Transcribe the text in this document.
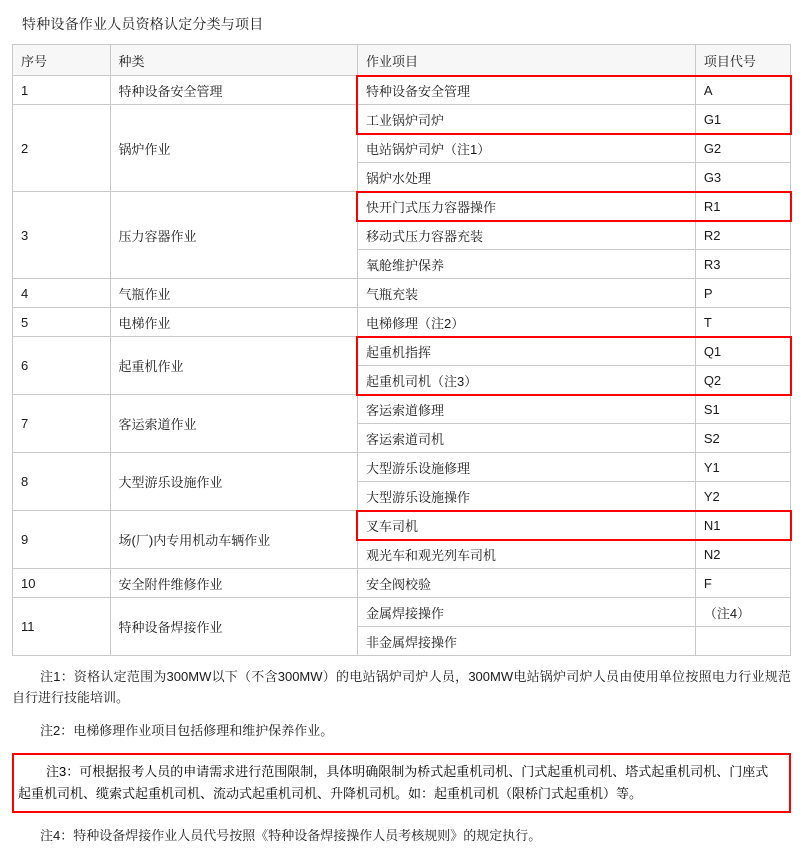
特种设备作业人员资格认定分类与项目
序号	种类	作业项目	项目代号
1	特种设备安全管理	特种设备安全管理	A
2	锅炉作业	工业锅炉司炉	G1
		电站锅炉司炉（注1）	G2
		锅炉水处理	G3
3	压力容器作业	快开门式压力容器操作	R1
		移动式压力容器充装	R2
		氧舱维护保养	R3
4	气瓶作业	气瓶充装	P
5	电梯作业	电梯修理（注2）	T
6	起重机作业	起重机指挥	Q1
		起重机司机（注3）	Q2
7	客运索道作业	客运索道修理	S1
		客运索道司机	S2
8	大型游乐设施作业	大型游乐设施修理	Y1
		大型游乐设施操作	Y2
9	场(厂)内专用机动车辆作业	叉车司机	N1
		观光车和观光列车司机	N2
10	安全附件维修作业	安全阀校验	F
11	特种设备焊接作业	金属焊接操作	（注4）
		非金属焊接操作	

注1：资格认定范围为300MW以下（不含300MW）的电站锅炉司炉人员，300MW电站锅炉司炉人员由使用单位按照电力行业规范自行进行技能培训。

注2：电梯修理作业项目包括修理和维护保养作业。

注3：可根据报考人员的申请需求进行范围限制，具体明确限制为桥式起重机司机、门式起重机司机、塔式起重机司机、门座式起重机司机、缆索式起重机司机、流动式起重机司机、升降机司机。如：起重机司机（限桥门式起重机）等。

注4：特种设备焊接作业人员代号按照《特种设备焊接操作人员考核规则》的规定执行。
